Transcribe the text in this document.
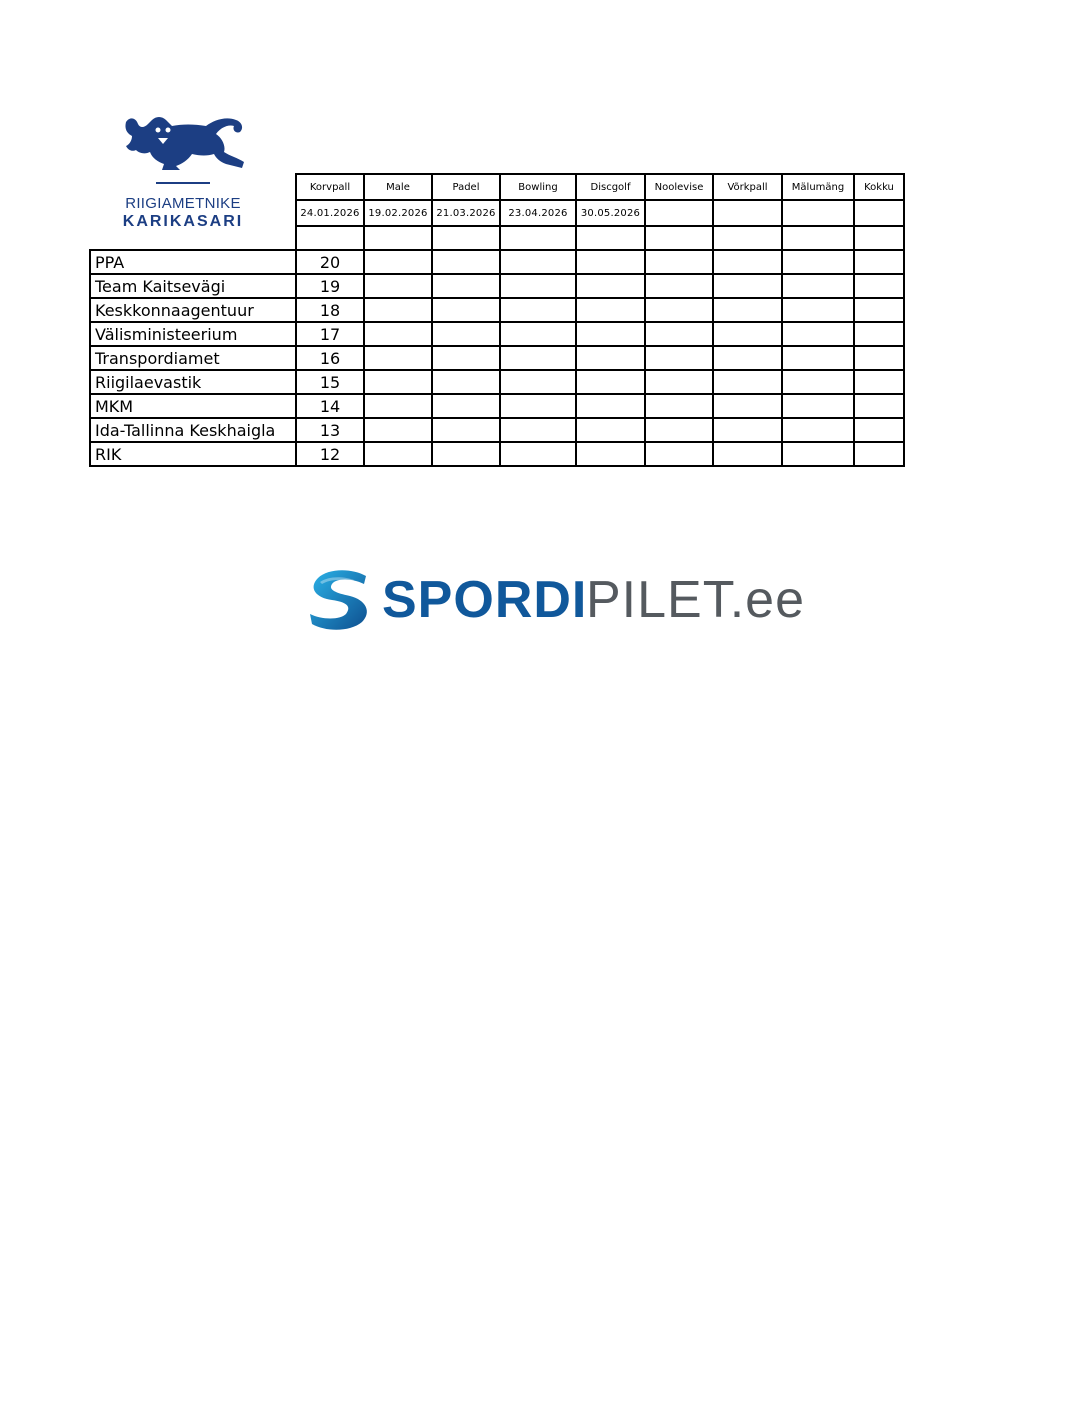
RIIGIAMETNIKE
KARIKASARI
	Korvpall	Male	Padel	Bowling	Discgolf	Noolevise	Võrkpall	Mälumäng	Kokku
	24.01.2026	19.02.2026	21.03.2026	23.04.2026	30.05.2026				

PPA	20								
Team Kaitsevägi	19								
Keskkonnaagentuur	18								
Välisministeerium	17								
Transpordiamet	16								
Riigilaevastik	15								
MKM	14								
Ida-Tallinna Keskhaigla	13								
RIK	12								
SPORDI
PILET.ee
